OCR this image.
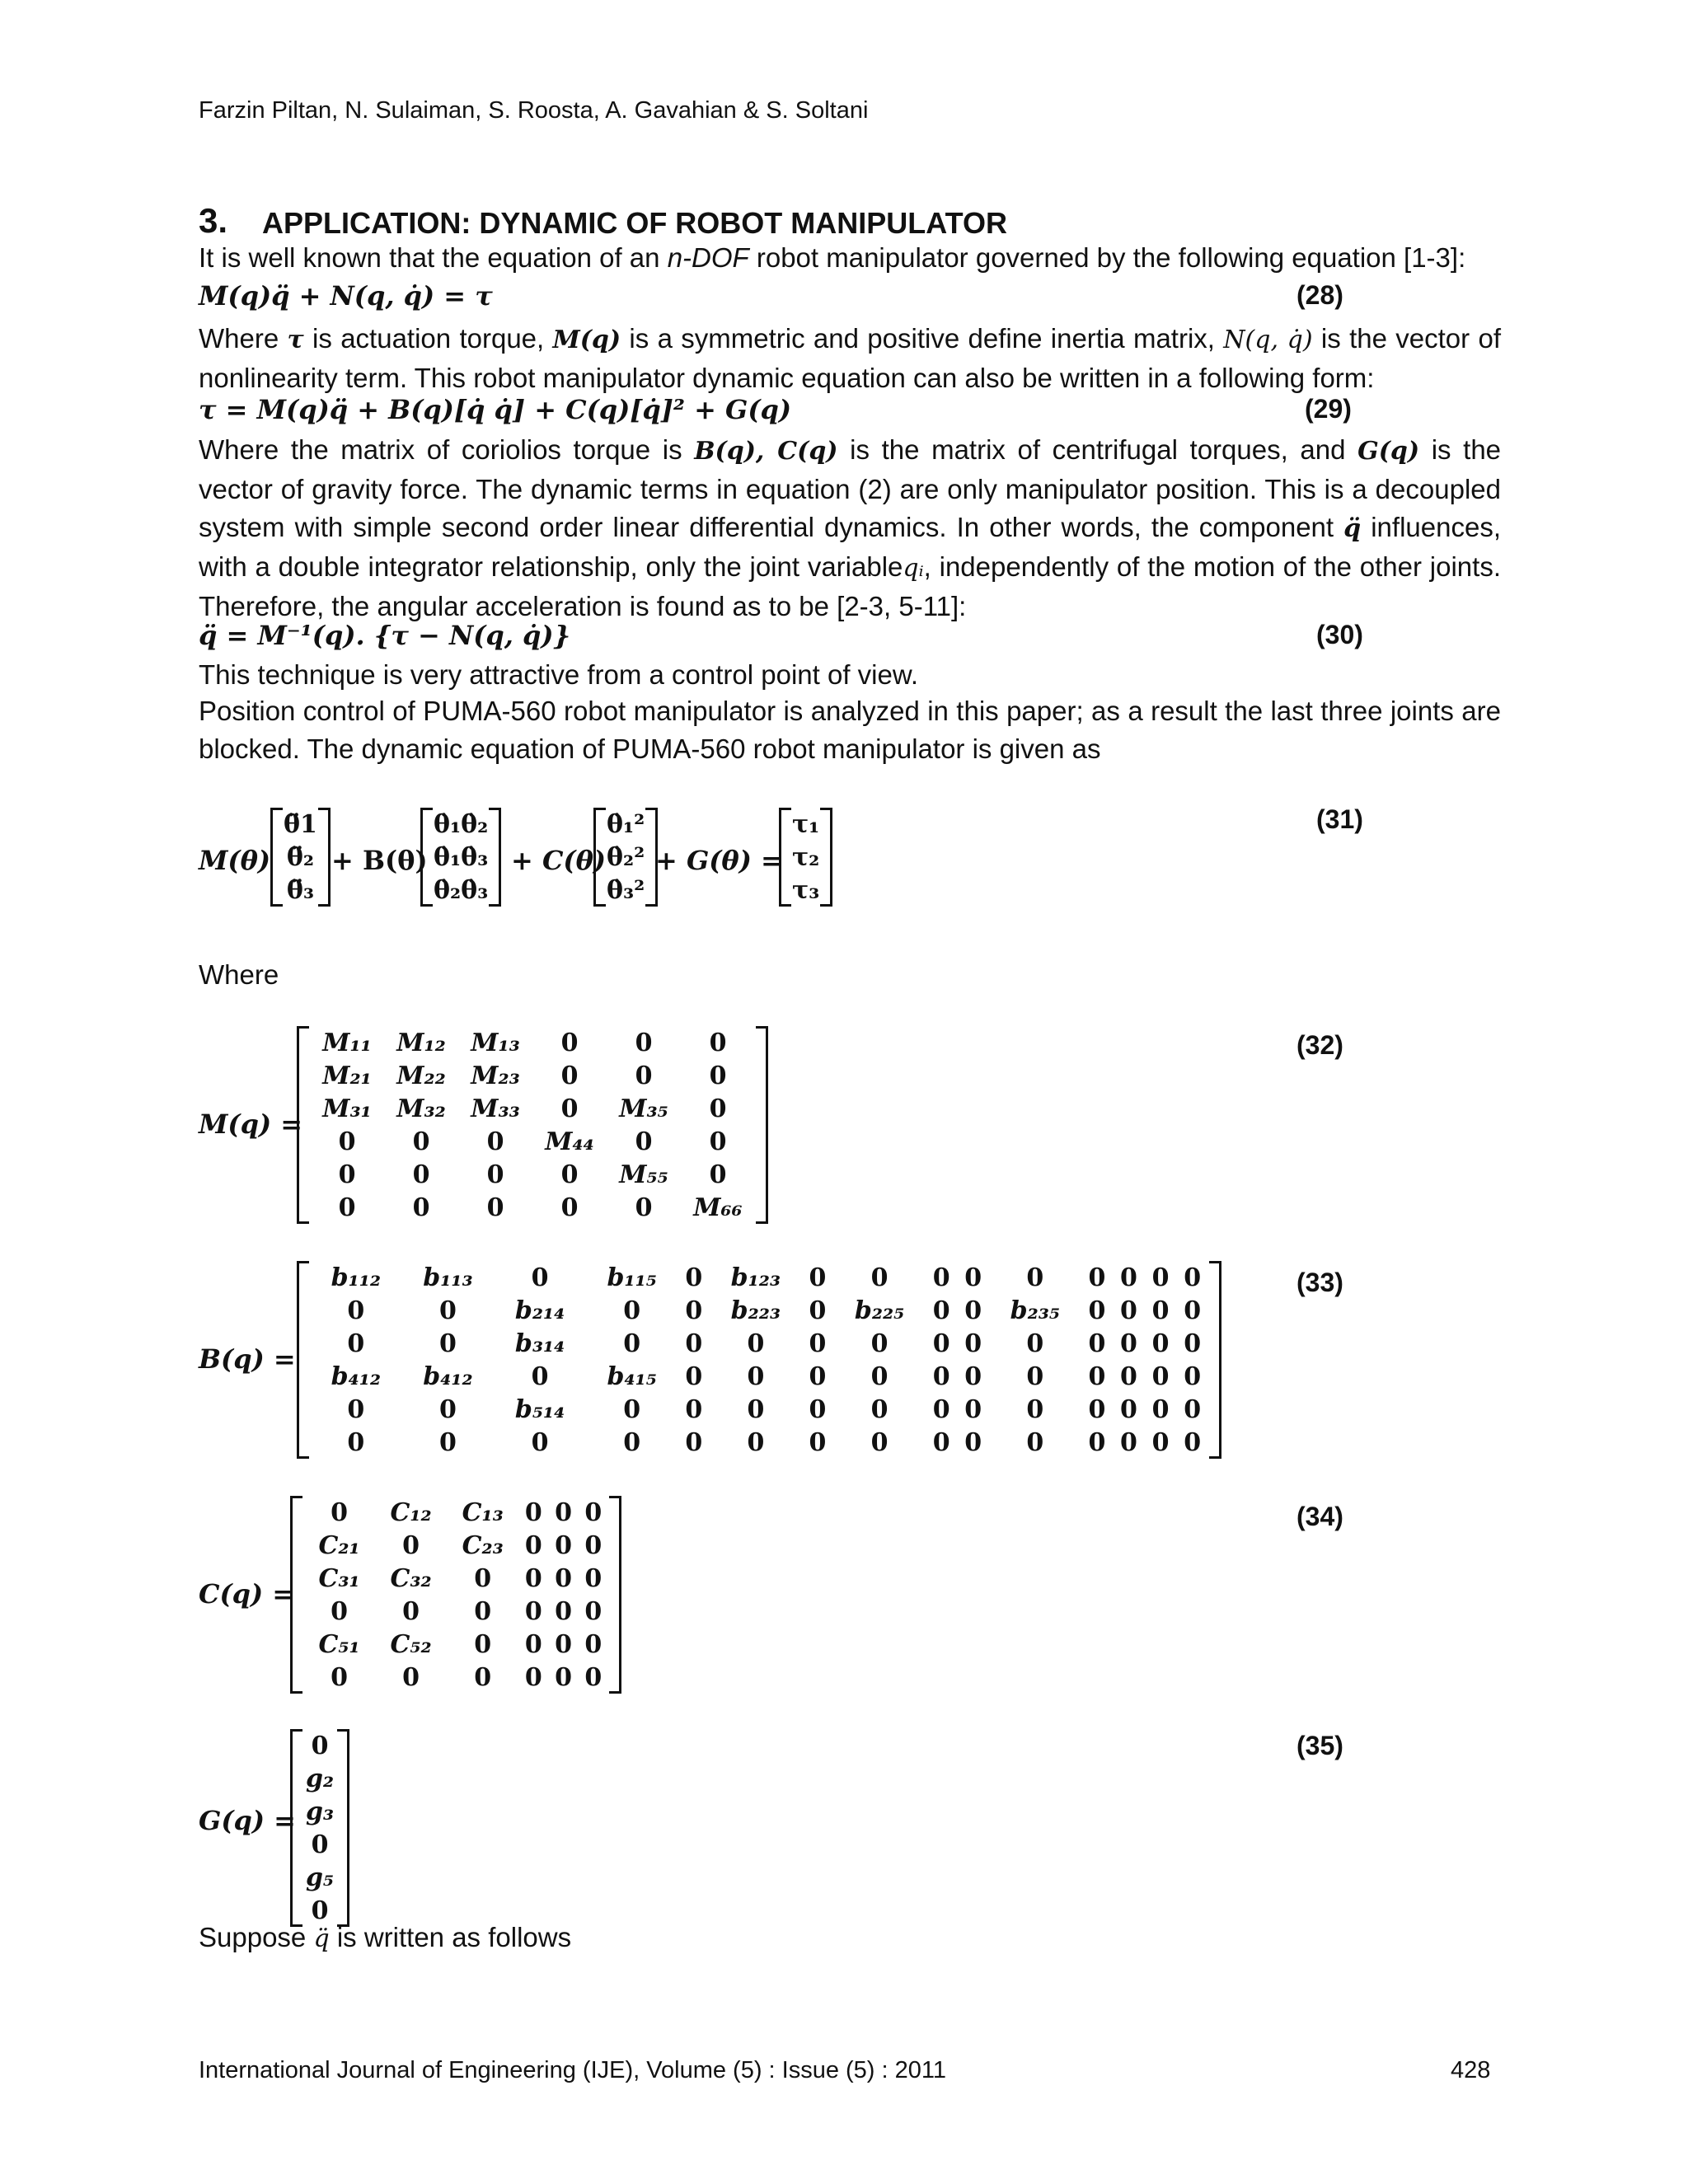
Farzin Piltan, N. Sulaiman, S. Roosta, A. Gavahian & S. Soltani
3. APPLICATION: DYNAMIC OF ROBOT MANIPULATOR
It is well known that the equation of an n-DOF robot manipulator governed by the following equation [1-3]:
M(q)q̈ + N(q, q̇) = τ	(28)
Where τ is actuation torque, M(q) is a symmetric and positive define inertia matrix, N(q, q̇) is the vector of nonlinearity term. This robot manipulator dynamic equation can also be written in a following form:
τ = M(q)q̈ + B(q)[q̇ q̇] + C(q)[q̇]² + G(q)	(29)
Where the matrix of coriolios torque is B(q), C(q) is the matrix of centrifugal torques, and G(q) is the vector of gravity force. The dynamic terms in equation (2) are only manipulator position. This is a decoupled system with simple second order linear differential dynamics. In other words, the component q̈ influences, with a double integrator relationship, only the joint variableqᵢ, independently of the motion of the other joints. Therefore, the angular acceleration is found as to be [2-3, 5-11]:
q̈ = M⁻¹(q). {τ − N(q, q̇)}	(30)
This technique is very attractive from a control point of view.
Position control of PUMA-560 robot manipulator is analyzed in this paper; as a result the last three joints are blocked. The dynamic equation of PUMA-560 robot manipulator is given as
(31)
M(θ)
θ̈1
θ̈₂
θ̈₃
+ B(θ)
θ̇₁θ̇₂
θ̇₁θ̇₃
θ̇₂θ̇₃
+ C(θ)
θ̇₁²
θ̇₂²
θ̇₃²
+ G(θ) =
τ₁
τ₂
τ₃
Where
(32)
M(q) =
M₁₁	M₁₂	M₁₃	0	0	0
M₂₁	M₂₂	M₂₃	0	0	0
M₃₁	M₃₂	M₃₃	0	M₃₅	0
0	0	0	M₄₄	0	0
0	0	0	0	M₅₅	0
0	0	0	0	0	M₆₆
(33)
B(q) =
b₁₁₂	b₁₁₃	0	b₁₁₅	0	b₁₂₃	0	0	0	0	0	0	0	0	0
0	0	b₂₁₄	0	0	b₂₂₃	0	b₂₂₅	0	0	b₂₃₅	0	0	0	0
0	0	b₃₁₄	0	0	0	0	0	0	0	0	0	0	0	0
b₄₁₂	b₄₁₂	0	b₄₁₅	0	0	0	0	0	0	0	0	0	0	0
0	0	b₅₁₄	0	0	0	0	0	0	0	0	0	0	0	0
0	0	0	0	0	0	0	0	0	0	0	0	0	0	0
(34)
C(q) =
0	C₁₂	C₁₃	0	0	0
C₂₁	0	C₂₃	0	0	0
C₃₁	C₃₂	0	0	0	0
0	0	0	0	0	0
C₅₁	C₅₂	0	0	0	0
0	0	0	0	0	0
(35)
G(q) =
0
g₂
g₃
0
g₅
0
Suppose q̈ is written as follows
International Journal of Engineering (IJE), Volume (5) : Issue (5) : 2011	428
